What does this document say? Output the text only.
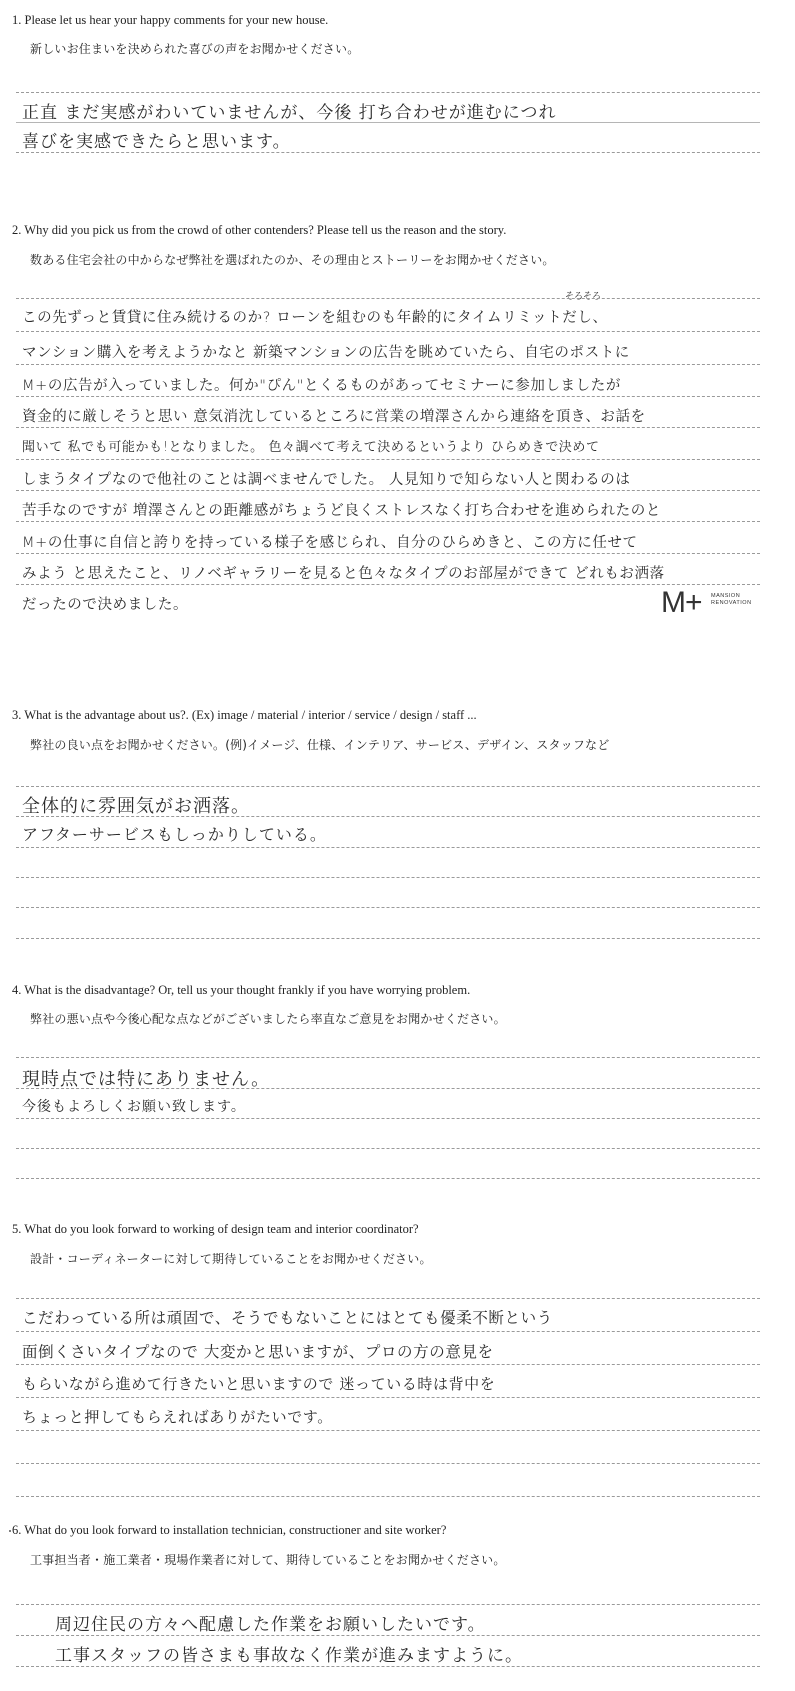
1. Please let us hear your happy comments for your new house.
新しいお住まいを決められた喜びの声をお聞かせください。
正直 まだ実感がわいていませんが、今後 打ち合わせが進むにつれ
喜びを実感できたらと思います。
2. Why did you pick us from the crowd of other contenders? Please tell us the reason and the story.
数ある住宅会社の中からなぜ弊社を選ばれたのか、その理由とストーリーをお聞かせください。
そろそろ
この先ずっと賃貸に住み続けるのか? ローンを組むのも年齢的にタイムリミットだし、
マンション購入を考えようかなと 新築マンションの広告を眺めていたら、自宅のポストに
M+の広告が入っていました。何か"ぴん"とくるものがあってセミナーに参加しましたが
資金的に厳しそうと思い 意気消沈しているところに営業の増澤さんから連絡を頂き、お話を
聞いて 私でも可能かも!となりました。 色々調べて考えて決めるというより ひらめきで決めて
しまうタイプなので他社のことは調べませんでした。 人見知りで知らない人と関わるのは
苦手なのですが 増澤さんとの距離感がちょうど良くストレスなく打ち合わせを進められたのと
M+の仕事に自信と誇りを持っている様子を感じられ、自分のひらめきと、この方に任せて
みよう と思えたこと、リノベギャラリーを見ると色々なタイプのお部屋ができて どれもお洒落
だったので決めました。	M+ MANSION
RENOVATION
3. What is the advantage about us?. (Ex) image / material / interior / service / design / staff ...
弊社の良い点をお聞かせください。(例)イメージ、仕様、インテリア、サービス、デザイン、スタッフなど
全体的に雰囲気がお洒落。
アフターサービスもしっかりしている。
4. What is the disadvantage? Or, tell us your thought frankly if you have worrying problem.
弊社の悪い点や今後心配な点などがございましたら率直なご意見をお聞かせください。
現時点では特にありません。
今後もよろしくお願い致します。
5. What do you look forward to working of design team and interior coordinator?
設計・コーディネーターに対して期待していることをお聞かせください。
こだわっている所は頑固で、そうでもないことにはとても優柔不断という
面倒くさいタイプなので 大変かと思いますが、プロの方の意見を
もらいながら進めて行きたいと思いますので 迷っている時は背中を
ちょっと押してもらえればありがたいです。
6. What do you look forward to installation technician, constructioner and site worker?
工事担当者・施工業者・現場作業者に対して、期待していることをお聞かせください。
周辺住民の方々へ配慮した作業をお願いしたいです。
工事スタッフの皆さまも事故なく作業が進みますように。
